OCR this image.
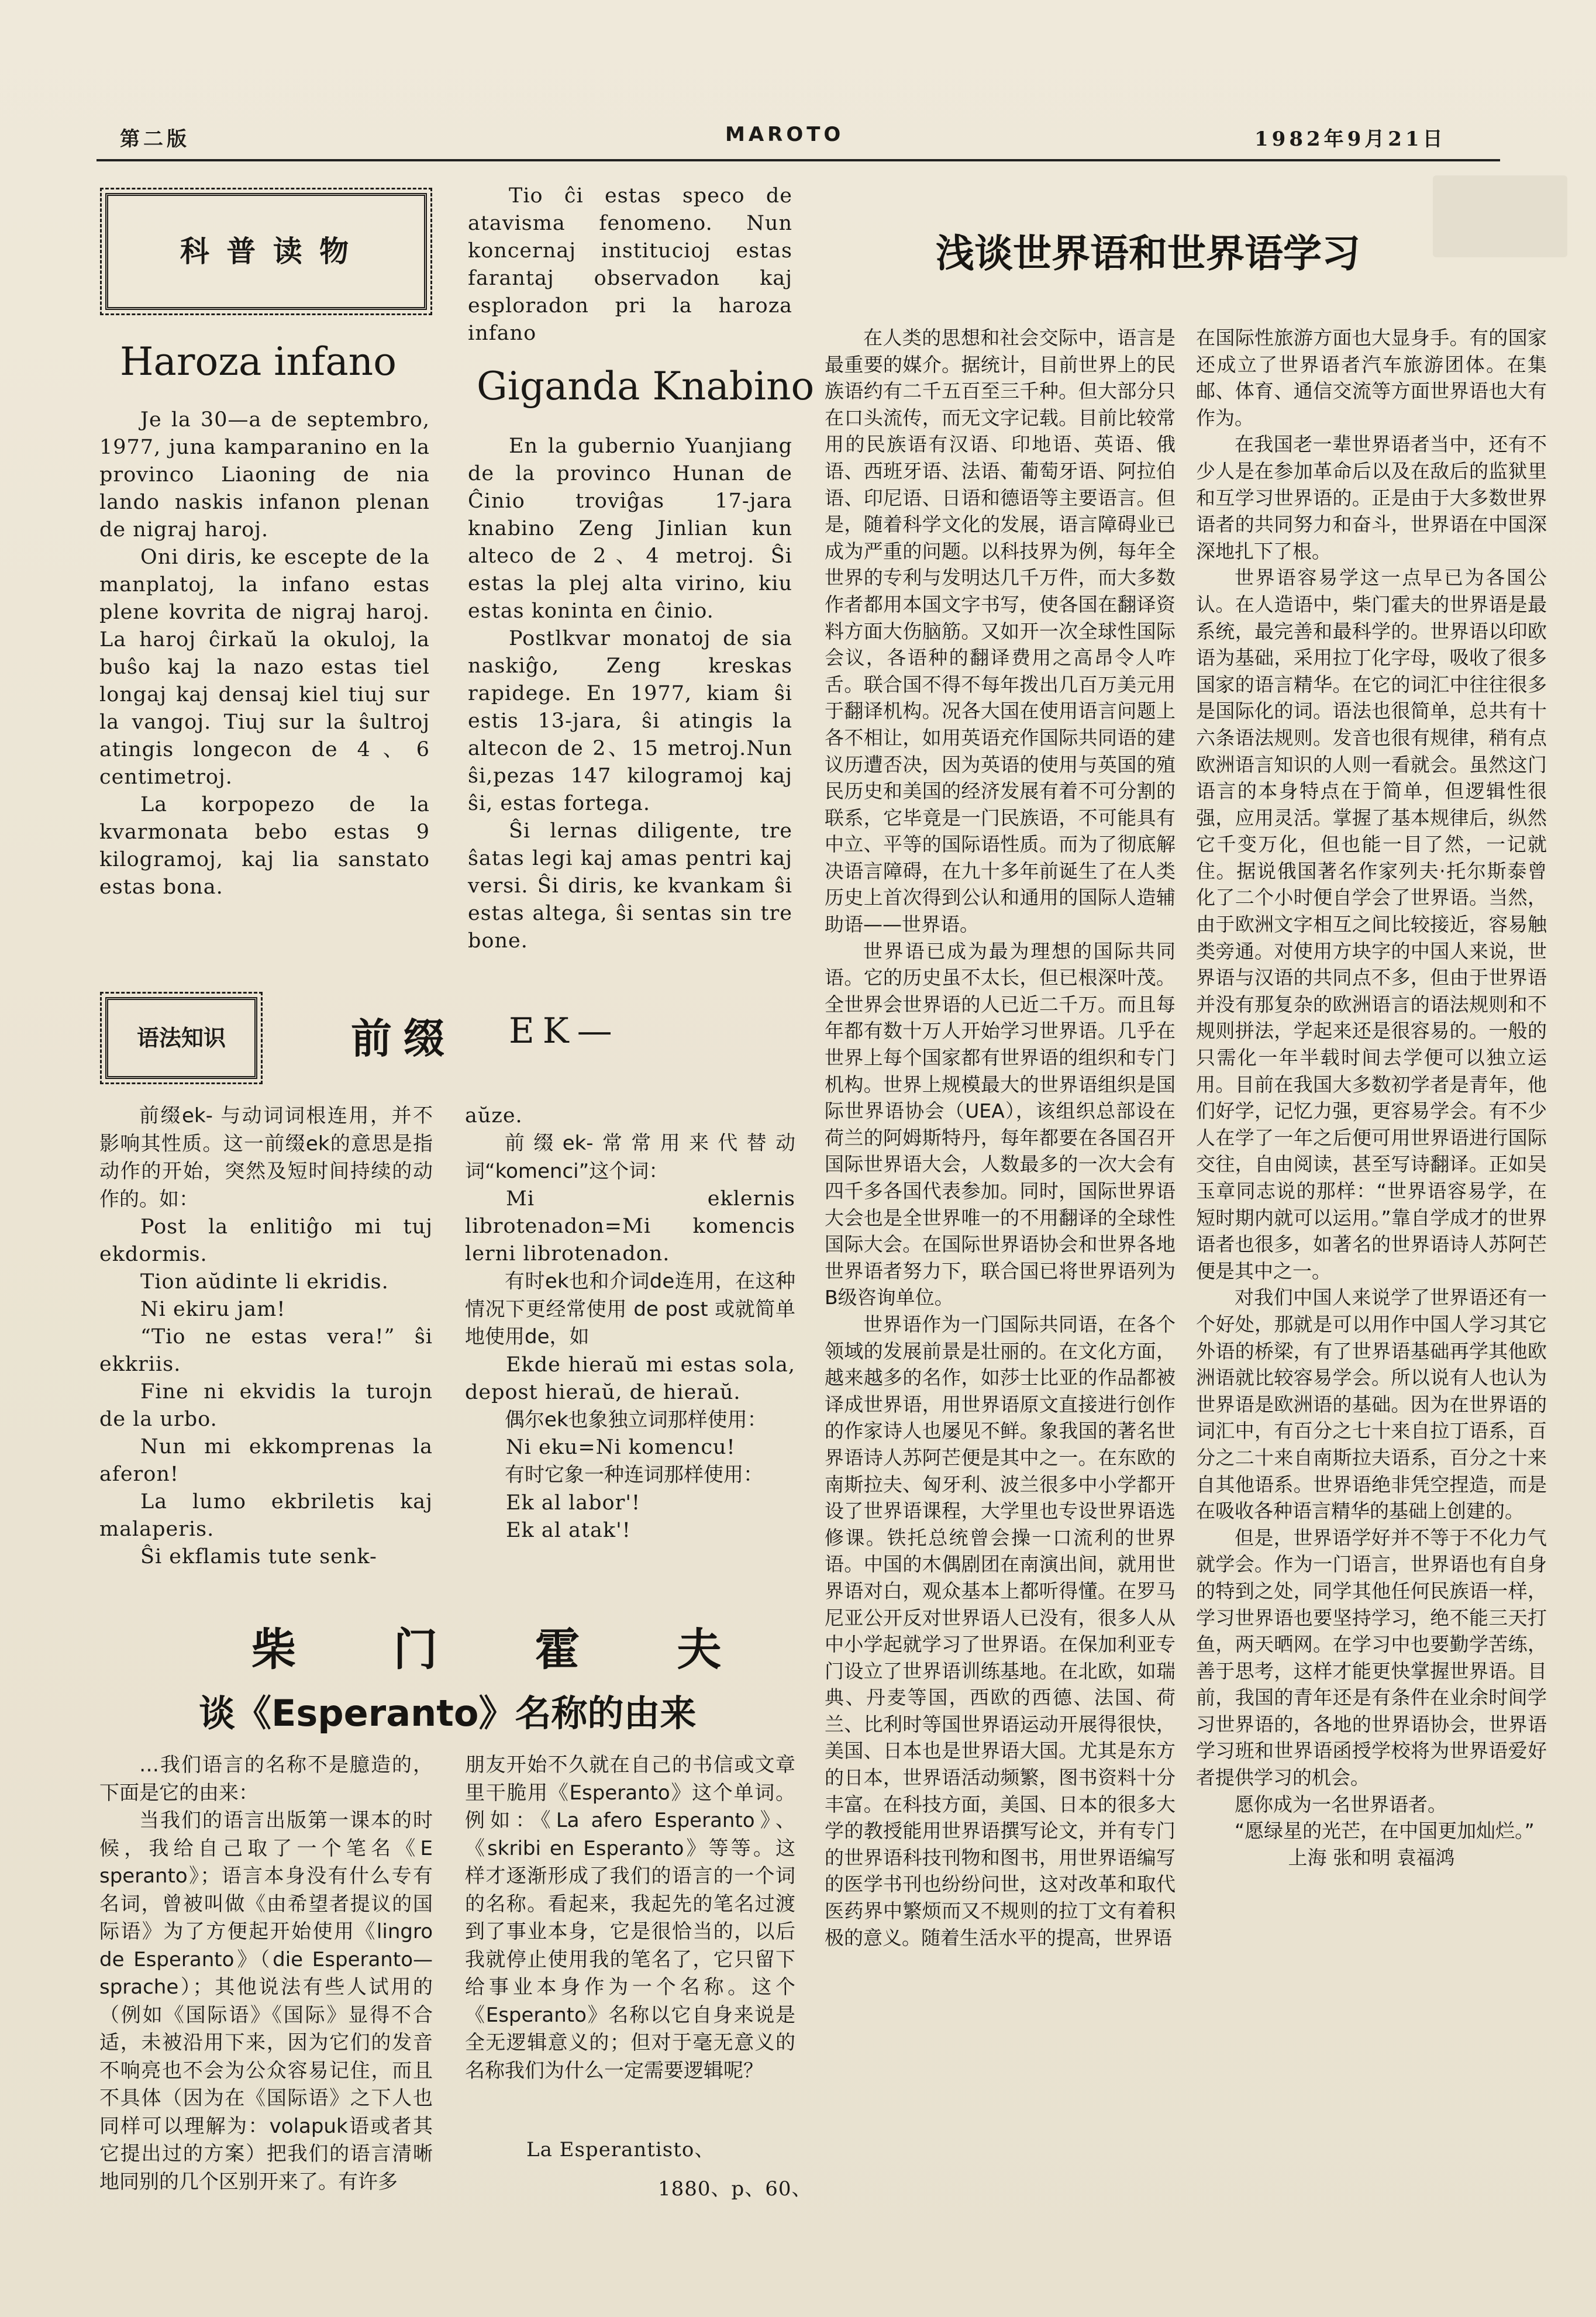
第二版	MAROTO	1982年9月21日
科 普 读 物
Haroza infano

Je la 30—a de septembro, 1977, juna kamparanino en la provinco Liaoning de nia lando naskis infanon plenan de nigraj haroj.

Oni diris, ke escepte de la manplatoj, la infano estas plene kovrita de nigraj haroj. La haroj ĉirkaŭ la okuloj, la buŝo kaj la nazo estas tiel longaj kaj densaj kiel tiuj sur la vangoj. Tiuj sur la ŝultroj atingis longecon de 4、6 centimetroj.

La korpopezo de la kvarmonata bebo estas 9 kilogramoj, kaj lia sanstato estas bona.

Tio ĉi estas speco de atavisma fenomeno. Nun koncernaj institucioj estas farantaj observadon kaj esploradon pri la haroza infano

Giganda Knabino

En la gubernio Yuanjiang de la provinco Hunan de Ĉinio troviĝas 17-jara knabino Zeng Jinlian kun alteco de 2、4 metroj. Ŝi estas la plej alta virino, kiu estas koninta en ĉinio.

Postlkvar monatoj de sia naskiĝo, Zeng kreskas rapidege. En 1977, kiam ŝi estis 13-jara, ŝi atingis la altecon de 2、15 metroj.Nun ŝi,pezas 147 kilogramoj kaj ŝi, estas fortega.

Ŝi lernas diligente, tre ŝatas legi kaj amas pentri kaj versi. Ŝi diris, ke kvankam ŝi estas altega, ŝi sentas sin tre bone.

语法知识	前缀 EK—

前缀ek- 与动词词根连用，并不影响其性质。这一前缀ek的意思是指动作的开始，突然及短时间持续的动作的。如：

Post la enlitiĝo mi tuj ekdormis.

Tion aŭdinte li ekridis.

Ni ekiru jam!

“Tio ne estas vera!” ŝi ekkriis.

Fine ni ekvidis la turojn de la urbo.

Nun mi ekkomprenas la aferon!

La lumo ekbriletis kaj malaperis.

Ŝi ekflamis tute senk-

aŭze.

前缀ek-常常用来代替动词“komenci”这个词：

Mi eklernis librotenadon=Mi komencis lerni librotenadon.

有时ek也和介词de连用，在这种情况下更经常使用 de post 或就简单地使用de，如

Ekde hieraŭ mi estas sola, depost hieraŭ, de hieraŭ.

偶尔ek也象独立词那样使用：

Ni eku=Ni komencu!

有时它象一种连词那样使用：

Ek al labor'!

Ek al atak'!

柴 门 霍 夫
谈《Esperanto》名称的由来

…我们语言的名称不是臆造的，下面是它的由来：

当我们的语言出版第一课本的时候，我给自己取了一个笔名《E speranto》；语言本身没有什么专有名词，曾被叫做《由希望者提议的国际语》为了方便起开始使用《lingro de Esperanto》（die Esperanto—sprache）；其他说法有些人试用的（例如《国际语》《国际》显得不合适，未被沿用下来，因为它们的发音不响亮也不会为公众容易记住，而且不具体（因为在《国际语》之下人也同样可以理解为：volapuk语或者其它提出过的方案）把我们的语言清晰地同别的几个区别开来了。有许多

朋友开始不久就在自己的书信或文章里干脆用《Esperanto》这个单词。例如：《La afero Esperanto》、《skribi en Esperanto》等等。这样才逐渐形成了我们的语言的一个词的名称。看起来，我起先的笔名过渡到了事业本身，它是很恰当的，以后我就停止使用我的笔名了，它只留下给事业本身作为一个名称。这个《Esperanto》名称以它自身来说是全无逻辑意义的；但对于毫无意义的名称我们为什么一定需要逻辑呢？

La Esperantisto、
1880、p、60、
浅谈世界语和世界语学习

在人类的思想和社会交际中，语言是最重要的媒介。据统计，目前世界上的民族语约有二千五百至三千种。但大部分只在口头流传，而无文字记载。目前比较常用的民族语有汉语、印地语、英语、俄语、西班牙语、法语、葡萄牙语、阿拉伯语、印尼语、日语和德语等主要语言。但是，随着科学文化的发展，语言障碍业已成为严重的问题。以科技界为例，每年全世界的专利与发明达几千万件，而大多数作者都用本国文字书写，使各国在翻译资料方面大伤脑筋。又如开一次全球性国际会议，各语种的翻译费用之高昂令人咋舌。联合国不得不每年拨出几百万美元用于翻译机构。况各大国在使用语言问题上各不相让，如用英语充作国际共同语的建议历遭否决，因为英语的使用与英国的殖民历史和美国的经济发展有着不可分割的联系，它毕竟是一门民族语，不可能具有中立、平等的国际语性质。而为了彻底解决语言障碍，在九十多年前诞生了在人类历史上首次得到公认和通用的国际人造辅助语——世界语。

世界语已成为最为理想的国际共同语。它的历史虽不太长，但已根深叶茂。全世界会世界语的人已近二千万。而且每年都有数十万人开始学习世界语。几乎在世界上每个国家都有世界语的组织和专门机构。世界上规模最大的世界语组织是国际世界语协会（UEA），该组织总部设在荷兰的阿姆斯特丹，每年都要在各国召开国际世界语大会，人数最多的一次大会有四千多各国代表参加。同时，国际世界语大会也是全世界唯一的不用翻译的全球性国际大会。在国际世界语协会和世界各地世界语者努力下，联合国已将世界语列为B级咨询单位。

世界语作为一门国际共同语，在各个领域的发展前景是壮丽的。在文化方面，越来越多的名作，如莎士比亚的作品都被译成世界语，用世界语原文直接进行创作的作家诗人也屡见不鲜。象我国的著名世界语诗人苏阿芒便是其中之一。在东欧的南斯拉夫、匈牙利、波兰很多中小学都开设了世界语课程，大学里也专设世界语选修课。铁托总统曾会操一口流利的世界语。中国的木偶剧团在南演出间，就用世界语对白，观众基本上都听得懂。在罗马尼亚公开反对世界语人已没有，很多人从中小学起就学习了世界语。在保加利亚专门设立了世界语训练基地。在北欧，如瑞典、丹麦等国，西欧的西德、法国、荷兰、比利时等国世界语运动开展得很快，美国、日本也是世界语大国。尤其是东方的日本，世界语活动频繁，图书资料十分丰富。在科技方面，美国、日本的很多大学的教授能用世界语撰写论文，并有专门的世界语科技刊物和图书，用世界语编写的医学书刊也纷纷问世，这对改革和取代医药界中繁烦而又不规则的拉丁文有着积极的意义。随着生活水平的提高，世界语

在国际性旅游方面也大显身手。有的国家还成立了世界语者汽车旅游团体。在集邮、体育、通信交流等方面世界语也大有作为。

在我国老一辈世界语者当中，还有不少人是在参加革命后以及在敌后的监狱里和互学习世界语的。正是由于大多数世界语者的共同努力和奋斗，世界语在中国深深地扎下了根。

世界语容易学这一点早已为各国公认。在人造语中，柴门霍夫的世界语是最系统，最完善和最科学的。世界语以印欧语为基础，采用拉丁化字母，吸收了很多国家的语言精华。在它的词汇中往往很多是国际化的词。语法也很简单，总共有十六条语法规则。发音也很有规律，稍有点欧洲语言知识的人则一看就会。虽然这门语言的本身特点在于简单，但逻辑性很强，应用灵活。掌握了基本规律后，纵然它千变万化，但也能一目了然，一记就住。据说俄国著名作家列夫·托尔斯泰曾化了二个小时便自学会了世界语。当然，由于欧洲文字相互之间比较接近，容易触类旁通。对使用方块字的中国人来说，世界语与汉语的共同点不多，但由于世界语并没有那复杂的欧洲语言的语法规则和不规则拼法，学起来还是很容易的。一般的只需化一年半载时间去学便可以独立运用。目前在我国大多数初学者是青年，他们好学，记忆力强，更容易学会。有不少人在学了一年之后便可用世界语进行国际交往，自由阅读，甚至写诗翻译。正如吴玉章同志说的那样：“世界语容易学，在短时期内就可以运用。”靠自学成才的世界语者也很多，如著名的世界语诗人苏阿芒便是其中之一。

对我们中国人来说学了世界语还有一个好处，那就是可以用作中国人学习其它外语的桥梁，有了世界语基础再学其他欧洲语就比较容易学会。所以说有人也认为世界语是欧洲语的基础。因为在世界语的词汇中，有百分之七十来自拉丁语系，百分之二十来自南斯拉夫语系，百分之十来自其他语系。世界语绝非凭空捏造，而是在吸收各种语言精华的基础上创建的。

但是，世界语学好并不等于不化力气就学会。作为一门语言，世界语也有自身的特到之处，同学其他任何民族语一样，学习世界语也要坚持学习，绝不能三天打鱼，两天晒网。在学习中也要勤学苦练，善于思考，这样才能更快掌握世界语。目前，我国的青年还是有条件在业余时间学习世界语的，各地的世界语协会，世界语学习班和世界语函授学校将为世界语爱好者提供学习的机会。

愿你成为一名世界语者。

“愿绿星的光芒，在中国更加灿烂。”

上海 张和明 袁福鸿
